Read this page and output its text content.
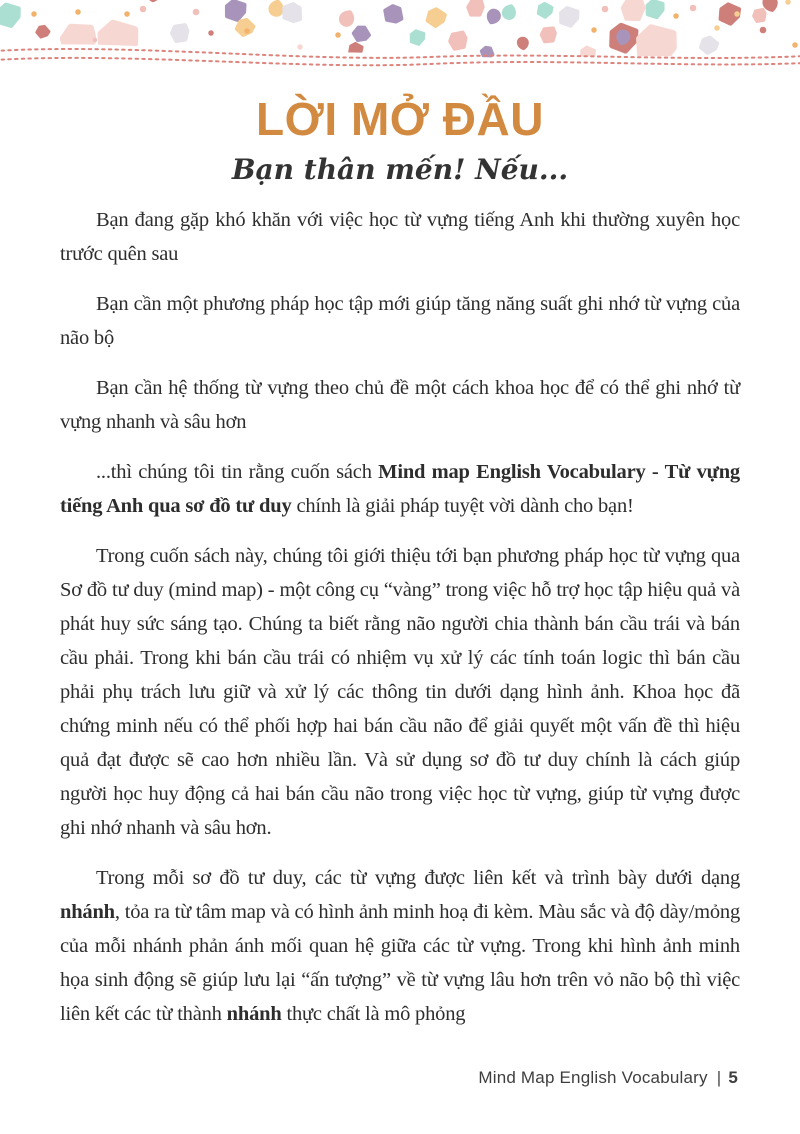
LỜI MỞ ĐẦU
Bạn thân mến! Nếu...

Bạn đang gặp khó khăn với việc học từ vựng tiếng Anh khi thường xuyên học trước quên sau

Bạn cần một phương pháp học tập mới giúp tăng năng suất ghi nhớ từ vựng của não bộ

Bạn cần hệ thống từ vựng theo chủ đề một cách khoa học để có thể ghi nhớ từ vựng nhanh và sâu hơn

...thì chúng tôi tin rằng cuốn sách Mind map English Vocabulary - Từ vựng tiếng Anh qua sơ đồ tư duy chính là giải pháp tuyệt vời dành cho bạn!

Trong cuốn sách này, chúng tôi giới thiệu tới bạn phương pháp học từ vựng qua Sơ đồ tư duy (mind map) - một công cụ “vàng” trong việc hỗ trợ học tập hiệu quả và phát huy sức sáng tạo. Chúng ta biết rằng não người chia thành bán cầu trái và bán cầu phải. Trong khi bán cầu trái có nhiệm vụ xử lý các tính toán logic thì bán cầu phải phụ trách lưu giữ và xử lý các thông tin dưới dạng hình ảnh. Khoa học đã chứng minh nếu có thể phối hợp hai bán cầu não để giải quyết một vấn đề thì hiệu quả đạt được sẽ cao hơn nhiều lần. Và sử dụng sơ đồ tư duy chính là cách giúp người học huy động cả hai bán cầu não trong việc học từ vựng, giúp từ vựng được ghi nhớ nhanh và sâu hơn.

Trong mỗi sơ đồ tư duy, các từ vựng được liên kết và trình bày dưới dạng nhánh, tỏa ra từ tâm map và có hình ảnh minh hoạ đi kèm. Màu sắc và độ dày/mỏng của mỗi nhánh phản ánh mối quan hệ giữa các từ vựng. Trong khi hình ảnh minh họa sinh động sẽ giúp lưu lại “ấn tượng” về từ vựng lâu hơn trên vỏ não bộ thì việc liên kết các từ thành nhánh thực chất là mô phỏng

Mind Map English Vocabulary | 5
